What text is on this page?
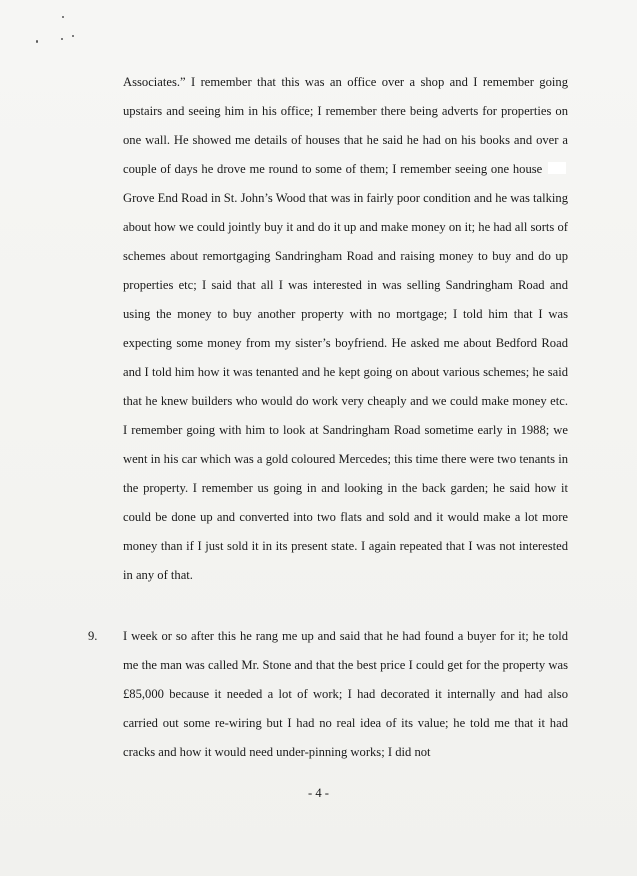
Associates.” I remember that this was an office over a shop and I remember going upstairs and seeing him in his office; I remember there being adverts for properties on one wall. He showed me details of houses that he said he had on his books and over a couple of days he drove me round to some of them; I remember seeing one house  Grove End Road in St. John’s Wood that was in fairly poor condition and he was talking about how we could jointly buy it and do it up and make money on it; he had all sorts of schemes about remortgaging Sandringham Road and raising money to buy and do up properties etc; I said that all I was interested in was selling Sandringham Road and using the money to buy another property with no mortgage; I told him that I was expecting some money from my sister’s boyfriend. He asked me about Bedford Road and I told him how it was tenanted and he kept going on about various schemes; he said that he knew builders who would do work very cheaply and we could make money etc. I remember going with him to look at Sandringham Road sometime early in 1988; we went in his car which was a gold coloured Mercedes; this time there were two tenants in the property. I remember us going in and looking in the back garden; he said how it could be done up and converted into two flats and sold and it would make a lot more money than if I just sold it in its present state. I again repeated that I was not interested in any of that.

9. I week or so after this he rang me up and said that he had found a buyer for it; he told me the man was called Mr. Stone and that the best price I could get for the property was £85,000 because it needed a lot of work; I had decorated it internally and had also carried out some re-wiring but I had no real idea of its value; he told me that it had cracks and how it would need under-pinning works; I did not

- 4 -
